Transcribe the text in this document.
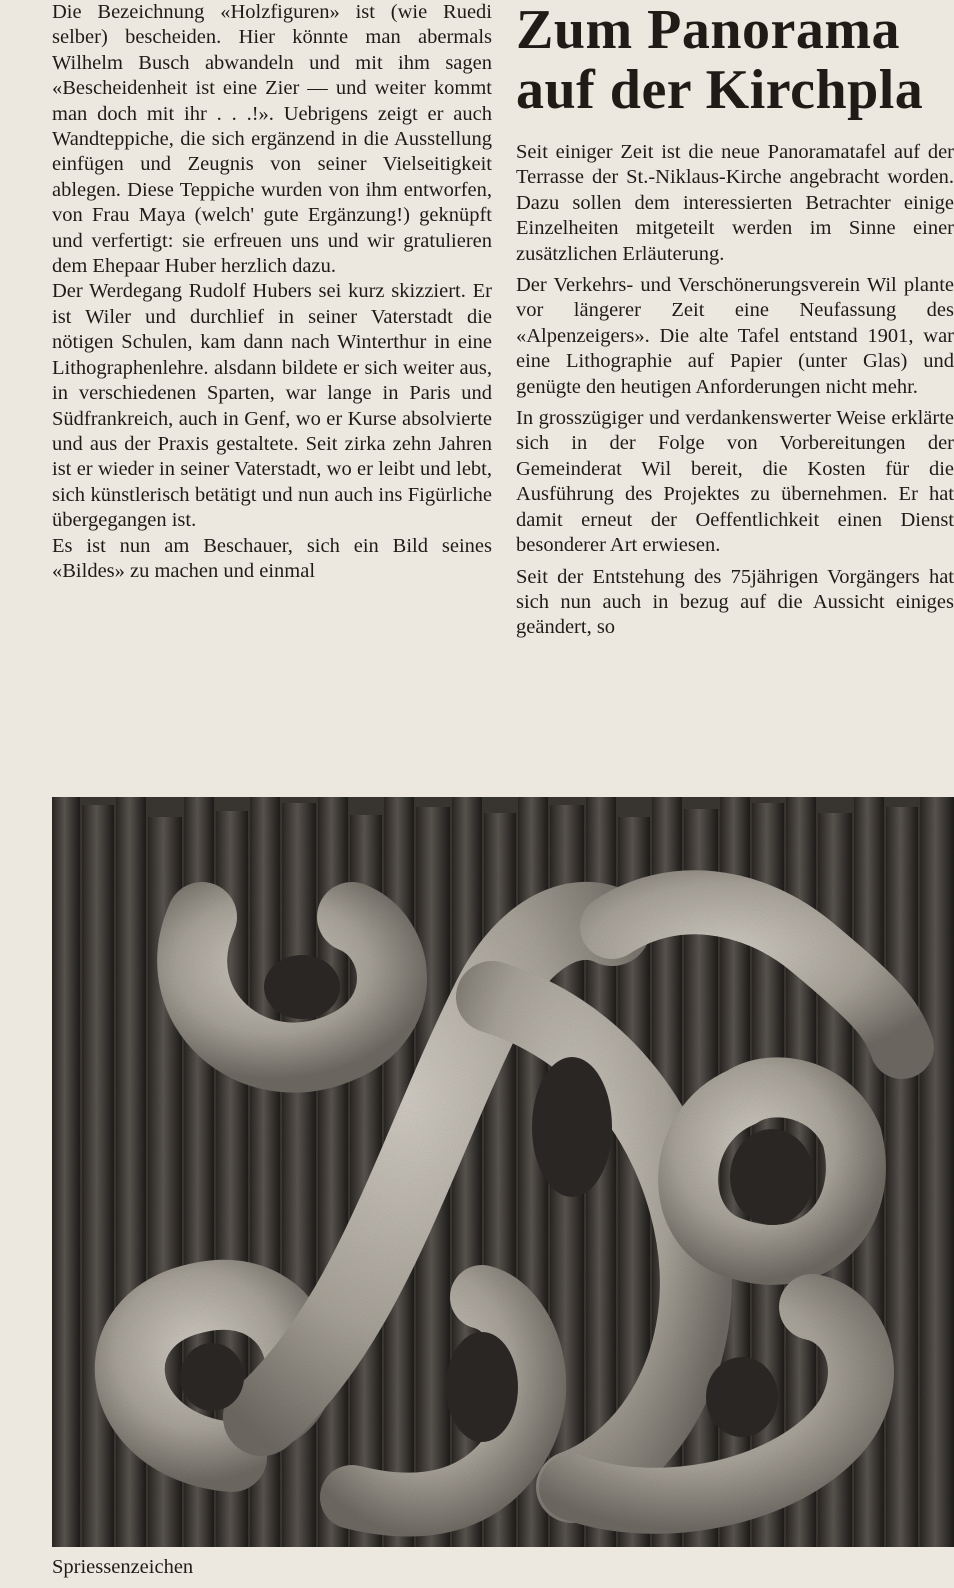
Die Bezeichnung «Holzfiguren» ist (wie Ruedi selber) bescheiden. Hier könnte man abermals Wilhelm Busch abwandeln und mit ihm sagen «Bescheidenheit ist eine Zier — und weiter kommt man doch mit ihr . . .!». Uebrigens zeigt er auch Wandteppiche, die sich ergänzend in die Ausstellung einfügen und Zeugnis von seiner Vielseitigkeit ablegen. Diese Teppiche wurden von ihm entworfen, von Frau Maya (welch' gute Ergänzung!) geknüpft und verfertigt: sie erfreuen uns und wir gratulieren dem Ehepaar Huber herzlich dazu.

Der Werdegang Rudolf Hubers sei kurz skizziert. Er ist Wiler und durchlief in seiner Vaterstadt die nötigen Schulen, kam dann nach Winterthur in eine Lithographenlehre. alsdann bildete er sich weiter aus, in verschiedenen Sparten, war lange in Paris und Südfrankreich, auch in Genf, wo er Kurse absolvierte und aus der Praxis gestaltete. Seit zirka zehn Jahren ist er wieder in seiner Vaterstadt, wo er leibt und lebt, sich künstlerisch betätigt und nun auch ins Figürliche übergegangen ist.

Es ist nun am Beschauer, sich ein Bild seines «Bildes» zu machen und einmal

Zum Panorama
auf der Kirchpla

Seit einiger Zeit ist die neue Panoramatafel auf der Terrasse der St.-Niklaus-Kirche angebracht worden. Dazu sollen dem interessierten Betrachter einige Einzelheiten mitgeteilt werden im Sinne einer zusätzlichen Erläuterung.

Der Verkehrs- und Verschönerungsverein Wil plante vor längerer Zeit eine Neufassung des «Alpenzeigers». Die alte Tafel entstand 1901, war eine Lithographie auf Papier (unter Glas) und genügte den heutigen Anforderungen nicht mehr.

In grosszügiger und verdankenswerter Weise erklärte sich in der Folge von Vorbereitungen der Gemeinderat Wil bereit, die Kosten für die Ausführung des Projektes zu übernehmen. Er hat damit erneut der Oeffentlichkeit einen Dienst besonderer Art erwiesen.

Seit der Entstehung des 75jährigen Vorgängers hat sich nun auch in bezug auf die Aussicht einiges geändert, so

Spriessenzeichen
